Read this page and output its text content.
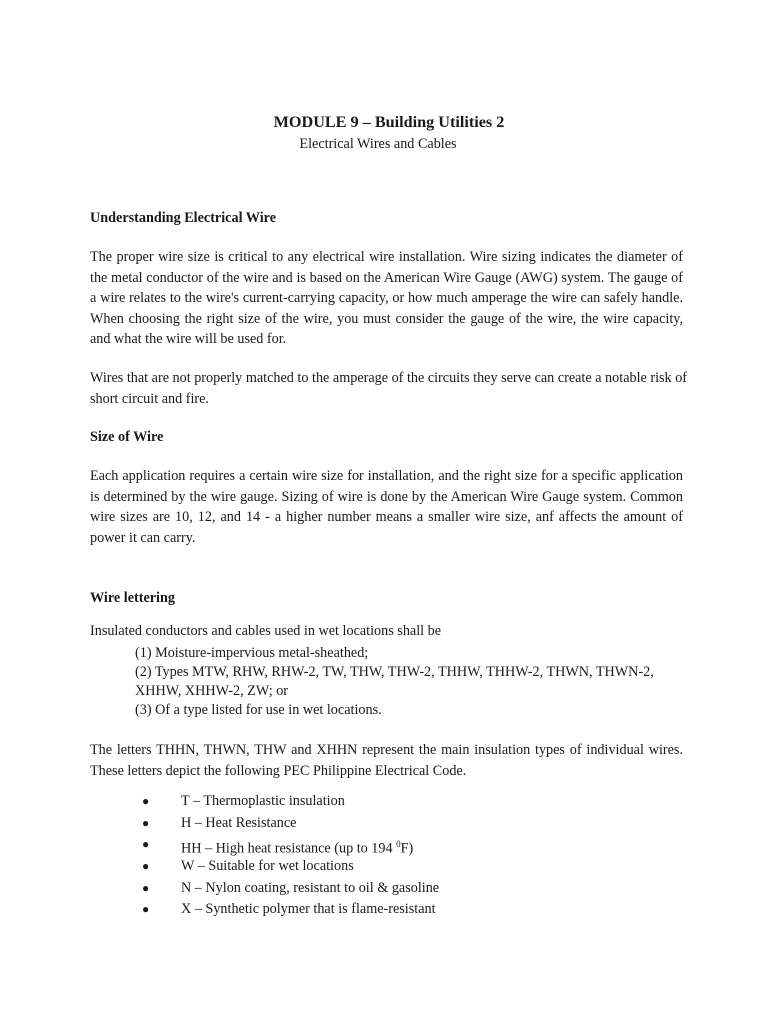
MODULE 9 – Building Utilities 2
Electrical Wires and Cables
Understanding Electrical Wire

The proper wire size is critical to any electrical wire installation. Wire sizing indicates the diameter of the metal conductor of the wire and is based on the American Wire Gauge (AWG) system. The gauge of a wire relates to the wire's current-carrying capacity, or how much amperage the wire can safely handle. When choosing the right size of the wire, you must consider the gauge of the wire, the wire capacity, and what the wire will be used for.

Wires that are not properly matched to the amperage of the circuits they serve can create a notable risk of short circuit and fire.

Size of Wire

Each application requires a certain wire size for installation, and the right size for a specific application is determined by the wire gauge. Sizing of wire is done by the American Wire Gauge system. Common wire sizes are 10, 12, and 14 - a higher number means a smaller wire size, anf affects the amount of power it can carry.

Wire lettering
Insulated conductors and cables used in wet locations shall be
(1) Moisture-impervious metal-sheathed;
(2) Types MTW, RHW, RHW-2, TW, THW, THW-2, THHW, THHW-2, THWN, THWN-2, XHHW, XHHW-2, ZW; or
(3) Of a type listed for use in wet locations.

The letters THHN, THWN, THW and XHHN represent the main insulation types of individual wires. These letters depict the following PEC Philippine Electrical Code.

● T – Thermoplastic insulation
● H – Heat Resistance
● HH – High heat resistance (up to 194 $^0$F)
● W – Suitable for wet locations
● N – Nylon coating, resistant to oil & gasoline
● X – Synthetic polymer that is flame-resistant
